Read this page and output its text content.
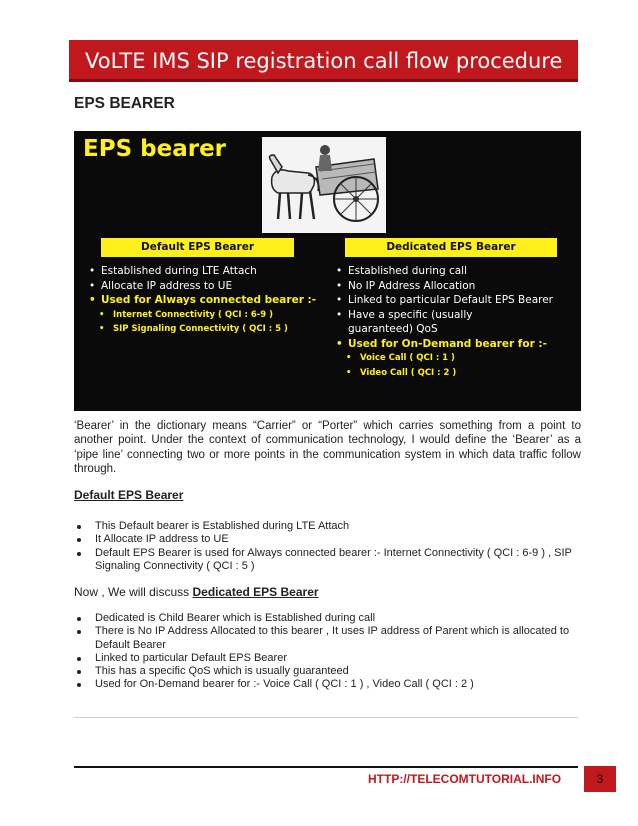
VoLTE IMS SIP registration call flow procedure
EPS BEARER
EPS bearer
Default EPS Bearer	Dedicated EPS Bearer
• Established during LTE Attach
• Allocate IP address to UE
• Used for Always connected bearer :-
• Internet Connectivity ( QCI : 6-9 )
• SIP Signaling Connectivity ( QCI : 5 )
• Established during call
• No IP Address Allocation
• Linked to particular Default EPS Bearer
• Have a specific (usually guaranteed) QoS
• Used for On-Demand bearer for :-
• Voice Call ( QCI : 1 )
• Video Call ( QCI : 2 )

‘Bearer’ in the dictionary means “Carrier” or “Porter” which carries something from a point to another point. Under the context of communication technology, I would define the ‘Bearer’ as a ‘pipe line’ connecting two or more points in the communication system in which data traffic follow through.

Default EPS Bearer
This Default bearer is Established during LTE Attach
It Allocate IP address to UE
Default EPS Bearer is used for Always connected bearer :- Internet Connectivity ( QCI : 6-9 ) , SIP Signaling Connectivity ( QCI : 5 )
Now , We will discuss Dedicated EPS Bearer
Dedicated is Child Bearer which is Established during call
There is No IP Address Allocated to this bearer , It uses IP address of Parent which is allocated to Default Bearer
Linked to particular Default EPS Bearer
This has a specific QoS which is usually guaranteed
Used for On-Demand bearer for :- Voice Call ( QCI : 1 ) , Video Call ( QCI : 2 )
HTTP://TELECOMTUTORIAL.INFO	3
